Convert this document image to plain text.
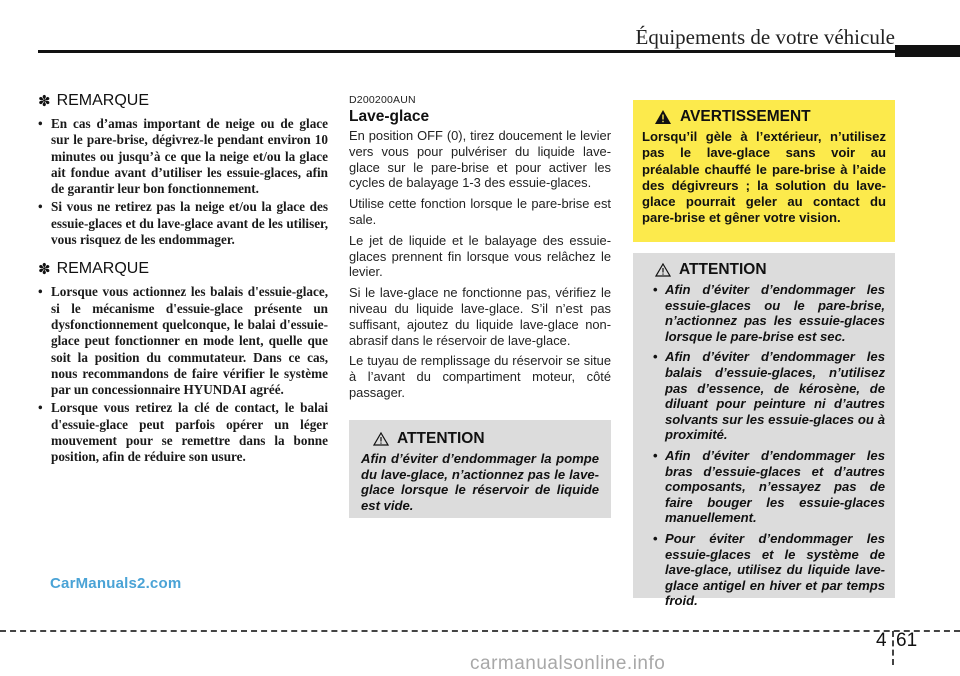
Équipements de votre véhicule
✽ REMARQUE
• En cas d’amas important de neige ou de glace sur le pare-brise, dégivrez-le pendant environ 10 minutes ou jusqu’à ce que la neige et/ou la glace ait fondue avant d’utiliser les essuie-glaces, afin de garantir leur bon fonctionnement.
• Si vous ne retirez pas la neige et/ou la glace des essuie-glaces et du lave-glace avant de les utiliser, vous risquez de les endommager.
✽ REMARQUE
• Lorsque vous actionnez les balais d'essuie-glace, si le mécanisme d'essuie-glace présente un dysfonctionnement quelconque, le balai d'essuie-glace peut fonctionner en mode lent, quelle que soit la position du commutateur. Dans ce cas, nous recommandons de faire vérifier le système par un concessionnaire HYUNDAI agréé.
• Lorsque vous retirez la clé de contact, le balai d'essuie-glace peut parfois opérer un léger mouvement pour se remettre dans la bonne position, afin de réduire son usure.
D200200AUN
Lave-glace

En position OFF (0), tirez doucement le levier vers vous pour pulvériser du liquide lave-glace sur le pare-brise et pour activer les cycles de balayage 1-3 des essuie-glaces.

Utilise cette fonction lorsque le pare-brise est sale.

Le jet de liquide et le balayage des essuie-glaces prennent fin lorsque vous relâchez le levier.

Si le lave-glace ne fonctionne pas, vérifiez le niveau du liquide lave-glace. S’il n’est pas suffisant, ajoutez du liquide lave-glace non-abrasif dans le réservoir de lave-glace.

Le tuyau de remplissage du réservoir se situe à l’avant du compartiment moteur, côté passager.

ATTENTION
Afin d’éviter d’endommager la pompe du lave-glace, n’actionnez pas le lave-glace lorsque le réservoir de liquide est vide.
AVERTISSEMENT
Lorsqu’il gèle à l’extérieur, n’utilisez pas le lave-glace sans voir au préalable chauffé le pare-brise à l’aide des dégivreurs ; la solution du lave-glace pourrait geler au contact du pare-brise et gêner votre vision.
ATTENTION
• Afin d’éviter d’endommager les essuie-glaces ou le pare-brise, n’actionnez pas les essuie-glaces lorsque le pare-brise est sec.
• Afin d’éviter d’endommager les balais d’essuie-glaces, n’utilisez pas d’essence, de kérosène, de diluant pour peinture ni d’autres solvants sur les essuie-glaces ou à proximité.
• Afin d’éviter d’endommager les bras d’essuie-glaces et d’autres composants, n’essayez pas de faire bouger les essuie-glaces manuellement.
• Pour éviter d’endommager les essuie-glaces et le système de lave-glace, utilisez du liquide lave-glace antigel en hiver et par temps froid.
CarManuals2.com
4 61
carmanualsonline.info
